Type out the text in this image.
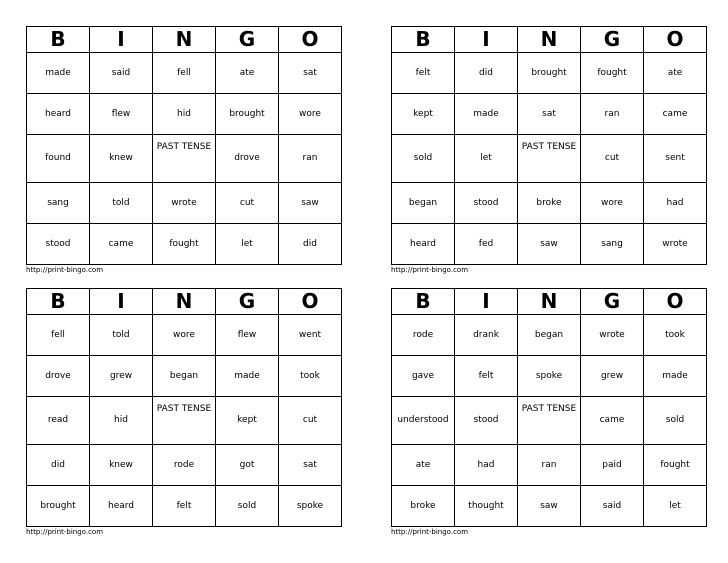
B	I	N	G	O
made	said	fell	ate	sat
heard	flew	hid	brought	wore
found	knew	PAST TENSE	drove	ran
sang	told	wrote	cut	saw
stood	came	fought	let	did
http://print-bingo.com
B	I	N	G	O
felt	did	brought	fought	ate
kept	made	sat	ran	came
sold	let	PAST TENSE	cut	sent
began	stood	broke	wore	had
heard	fed	saw	sang	wrote
http://print-bingo.com
B	I	N	G	O
fell	told	wore	flew	went
drove	grew	began	made	took
read	hid	PAST TENSE	kept	cut
did	knew	rode	got	sat
brought	heard	felt	sold	spoke
http://print-bingo.com
B	I	N	G	O
rode	drank	began	wrote	took
gave	felt	spoke	grew	made
understood	stood	PAST TENSE	came	sold
ate	had	ran	paid	fought
broke	thought	saw	said	let
http://print-bingo.com
